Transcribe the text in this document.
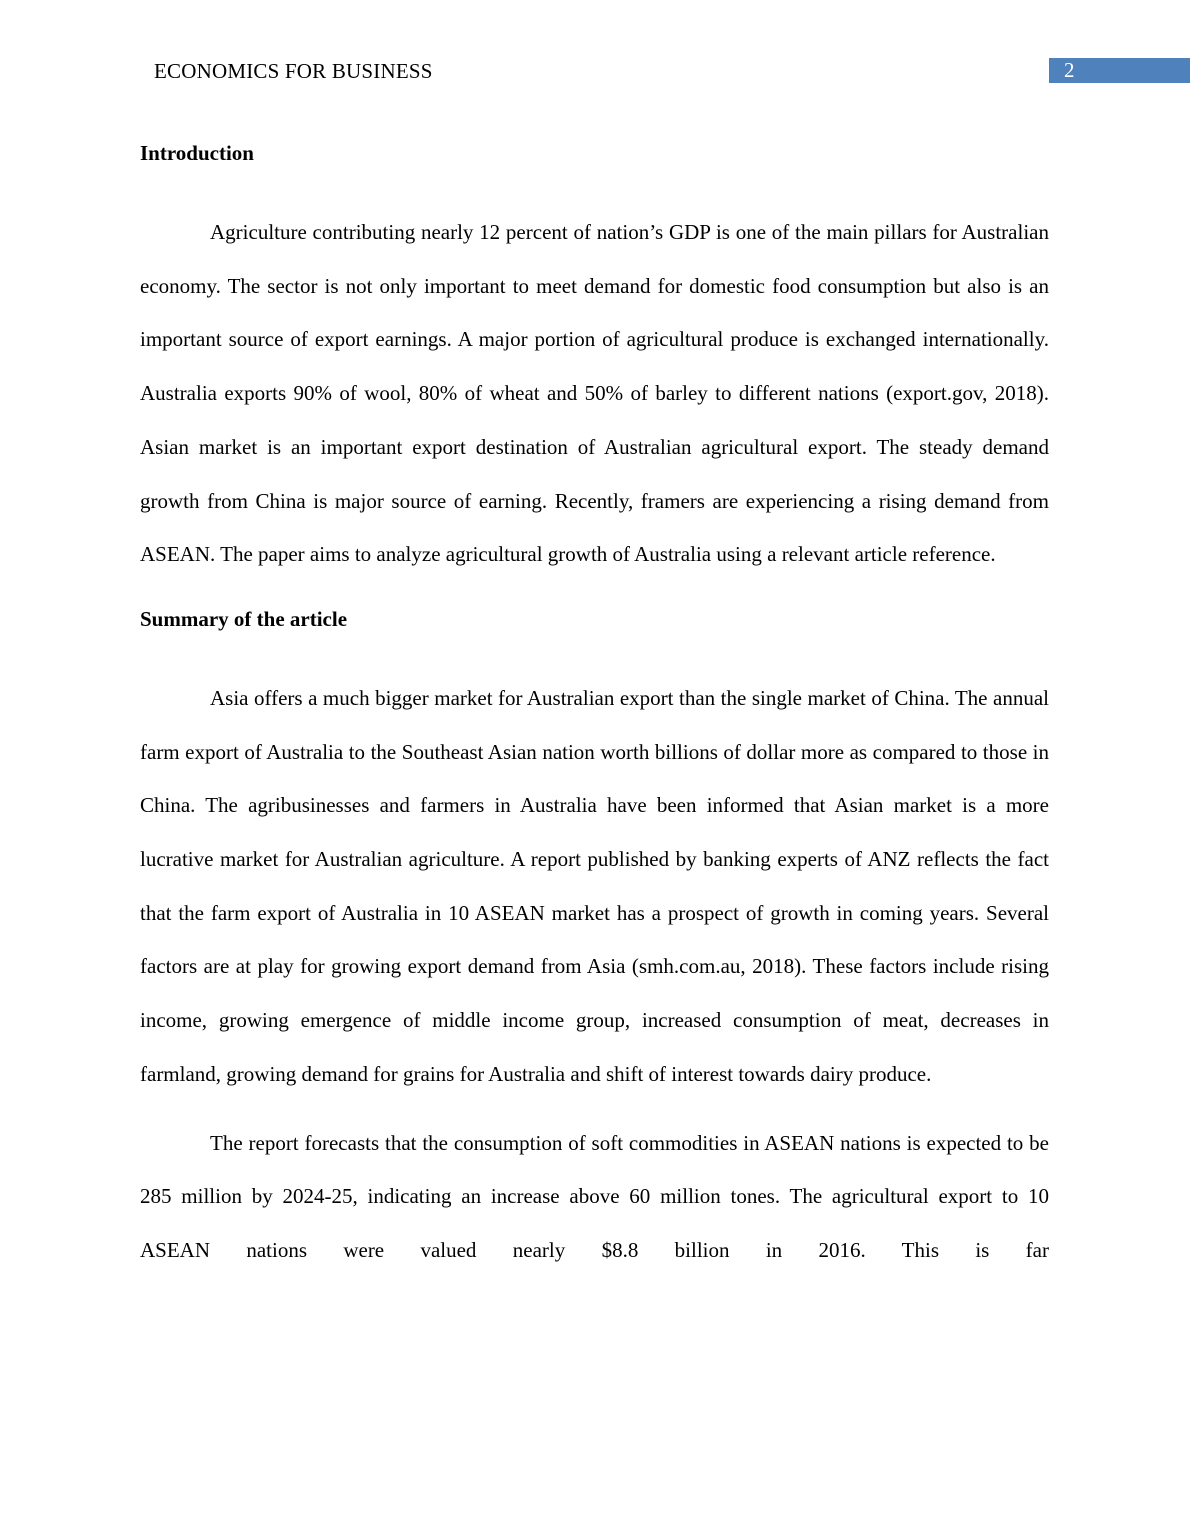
ECONOMICS FOR BUSINESS	2
Introduction

Agriculture contributing nearly 12 percent of nation’s GDP is one of the main pillars for Australian economy. The sector is not only important to meet demand for domestic food consumption but also is an important source of export earnings. A major portion of agricultural produce is exchanged internationally. Australia exports 90% of wool, 80% of wheat and 50% of barley to different nations (export.gov, 2018). Asian market is an important export destination of Australian agricultural export. The steady demand growth from China is major source of earning. Recently, framers are experiencing a rising demand from ASEAN. The paper aims to analyze agricultural growth of Australia using a relevant article reference.

Summary of the article

Asia offers a much bigger market for Australian export than the single market of China. The annual farm export of Australia to the Southeast Asian nation worth billions of dollar more as compared to those in China. The agribusinesses and farmers in Australia have been informed that Asian market is a more lucrative market for Australian agriculture. A report published by banking experts of ANZ reflects the fact that the farm export of Australia in 10 ASEAN market has a prospect of growth in coming years. Several factors are at play for growing export demand from Asia (smh.com.au, 2018). These factors include rising income, growing emergence of middle income group, increased consumption of meat, decreases in farmland, growing demand for grains for Australia and shift of interest towards dairy produce.

The report forecasts that the consumption of soft commodities in ASEAN nations is expected to be 285 million by 2024-25, indicating an increase above 60 million tones. The agricultural export to 10 ASEAN nations were valued nearly $8.8 billion in 2016. This is far
